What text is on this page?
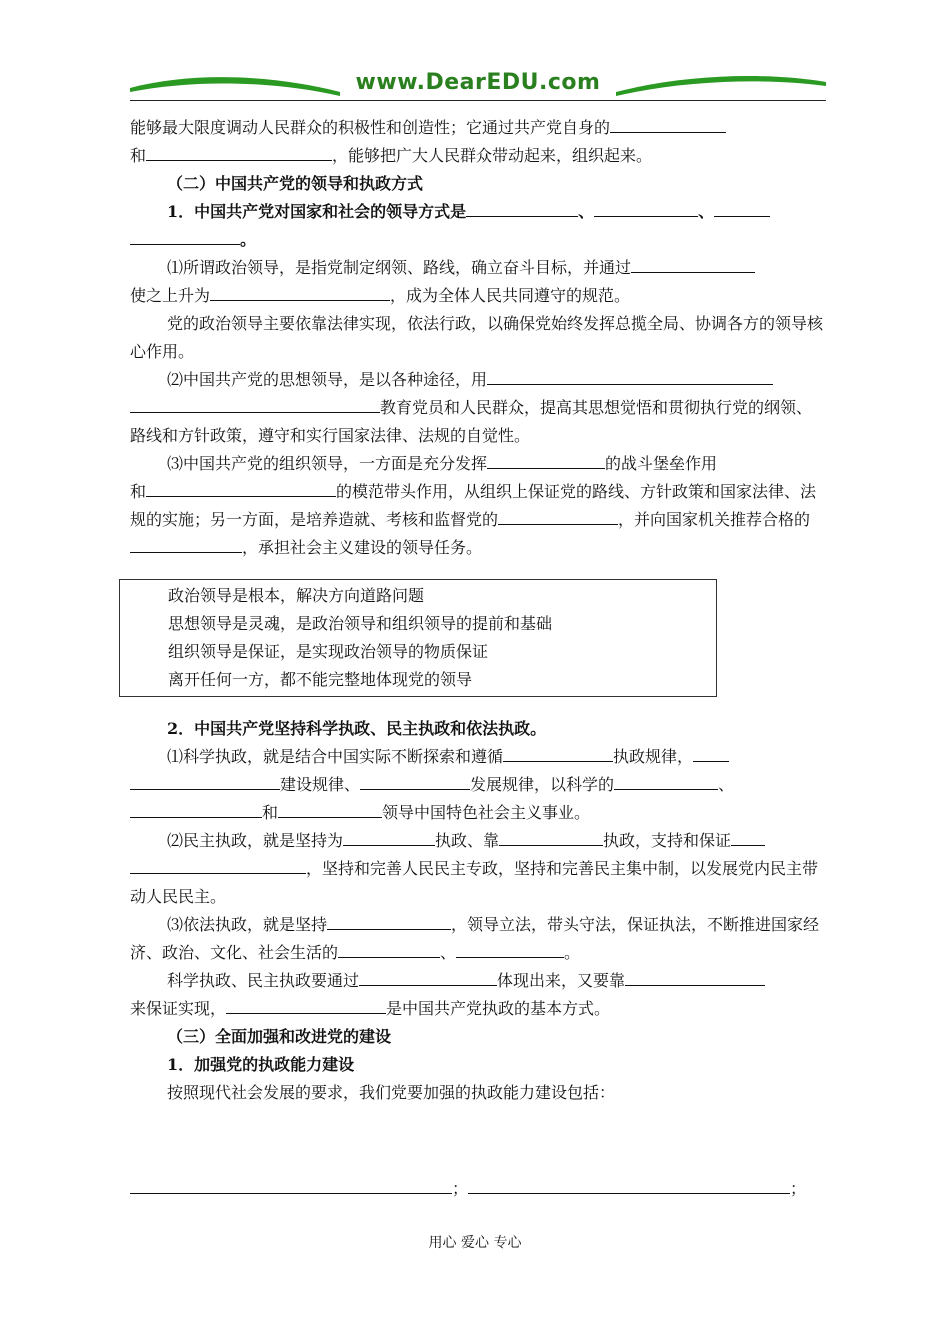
www.DearEDU.com

能够最大限度调动人民群众的积极性和创造性；它通过共产党自身的

和	，能够把广大人民群众带动起来，组织起来。

（二）中国共产党的领导和执政方式

1．中国共产党对国家和社会的领导方式是	、	、
。

⑴所谓政治领导，是指党制定纲领、路线，确立奋斗目标，并通过
使之上升为	，成为全体人民共同遵守的规范。

党的政治领导主要依靠法律实现，依法行政，以确保党始终发挥总揽全局、协调各方的领导核心作用。

⑵中国共产党的思想领导，是以各种途径，用
教育党员和人民群众，提高其思想觉悟和贯彻执行党的纲领、路线和方针政策，遵守和实行国家法律、法规的自觉性。

⑶中国共产党的组织领导，一方面是充分发挥	的战斗堡垒作用
和	的模范带头作用，从组织上保证党的路线、方针政策和国家法律、法规的实施；另一方面，是培养造就、考核和监督党的	，并向国家机关推荐合格的，承担社会主义建设的领导任务。

政治领导是根本，解决方向道路问题
思想领导是灵魂，是政治领导和组织领导的提前和基础
组织领导是保证，是实现政治领导的物质保证
离开任何一方，都不能完整地体现党的领导

2．中国共产党坚持科学执政、民主执政和依法执政。

⑴科学执政，就是结合中国实际不断探索和遵循	执政规律，
建设规律、	发展规律，以科学的	、
和	领导中国特色社会主义事业。

⑵民主执政，就是坚持为	执政、靠	执政，支持和保证
，坚持和完善人民民主专政，坚持和完善民主集中制，以发展党内民主带动人民民主。

⑶依法执政，就是坚持	，领导立法，带头守法，保证执法，不断推进国家经济、政治、文化、社会生活的	、	。

科学执政、民主执政要通过	体现出来，又要靠
来保证实现，	是中国共产党执政的基本方式。

（三）全面加强和改进党的建设

1．加强党的执政能力建设

按照现代社会发展的要求，我们党要加强的执政能力建设包括：

；	；
用心 爱心 专心
